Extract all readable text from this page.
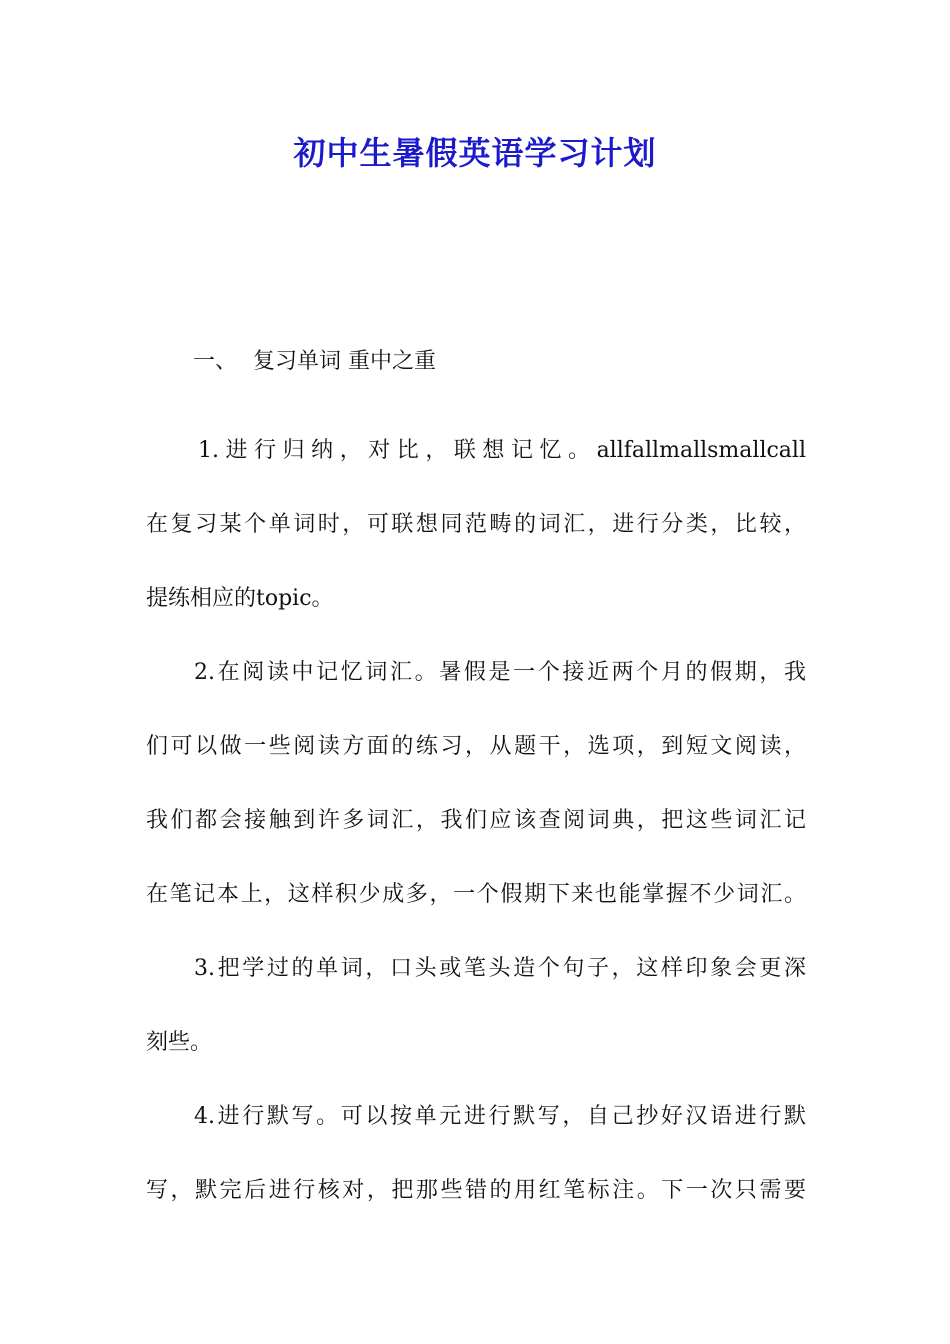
初中生暑假英语学习计划

一、 复习单词 重中之重

1.进行归纳，对比，联想记忆。allfallmallsmallcall
在复习某个单词时，可联想同范畴的词汇，进行分类，比较，
提练相应的topic。
2.在阅读中记忆词汇。暑假是一个接近两个月的假期，我
们可以做一些阅读方面的练习，从题干，选项，到短文阅读，
我们都会接触到许多词汇，我们应该查阅词典，把这些词汇记
在笔记本上，这样积少成多，一个假期下来也能掌握不少词汇。
3.把学过的单词，口头或笔头造个句子，这样印象会更深
刻些。
4.进行默写。可以按单元进行默写，自己抄好汉语进行默
写，默完后进行核对，把那些错的用红笔标注。下一次只需要
